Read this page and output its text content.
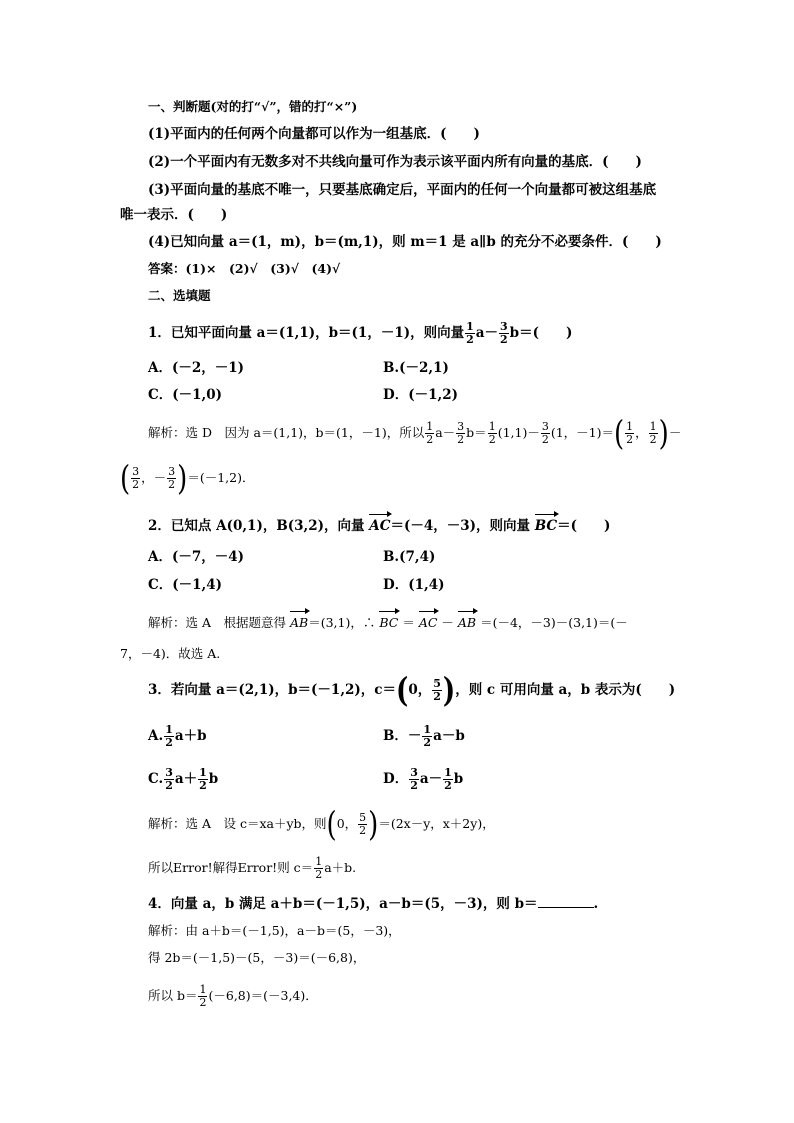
一、判断题(对的打“√”，错的打“×”)
(1)平面内的任何两个向量都可以作为一组基底．(　　)
(2)一个平面内有无数多对不共线向量可作为表示该平面内所有向量的基底．(　　)
(3)平面向量的基底不唯一，只要基底确定后，平面内的任何一个向量都可被这组基底
唯一表示．(　　)
(4)已知向量 a＝(1，m)，b＝(m,1)，则 m＝1 是 a∥b 的充分不必要条件．(　　)
答案：(1)×　(2)√　(3)√　(4)√
二、选填题
1．已知平面向量 a＝(1,1)，b＝(1，－1)，则向量 $\frac{1}{2} a- \frac{3}{2} b=$(　　)
A．(－2，－1)	B.(－2,1)
C．(－1,0)	D．(－1,2)
解析：选 D　因为 a＝(1,1)，b＝(1，－1)，所以 $\frac{1}{2} a- \frac{3}{2} b= \frac{1}{2} (1,1)- \frac{3}{2} (1$，$-1)=( \frac{1}{2}$ ， $\frac{1}{2}$ )－
( $\frac{3}{2}$ ，－ $\frac{3}{2} )=(-1,2)$．
2．已知点 A(0,1)，B(3,2)，向量 AC＝(－4，－3)，则向量 BC＝(　　)
A．(－7，－4)	B.(7,4)
C．(－1,4)	D．(1,4)
解析：选 A　根据题意得 AB＝(3,1)，∴ BC ＝ AC － AB ＝(－4，－3)－(3,1)＝(－
7，－4)．故选 A.
3．若向量 a＝(2,1)，b＝(－1,2)，c＝(0， $\frac{5}{2}$ )，则 c 可用向量 a，b 表示为(　　)
A. $\frac{1}{2} a+b$	B．－ $\frac{1}{2} a-b$
C. $\frac{3}{2} a+ \frac{1}{2}$ b	D． $\frac{3}{2} a- \frac{1}{2}$ b
解析：选 A　设 c＝xa＋yb，则(0， $\frac{5}{2} )=(2x-y$，x＋2y)，
所以Error!解得Error!则 $c= \frac{1}{2} a+b$.
4．向量 a，b 满足 a＋b＝(－1,5)，a－b＝(5，－3)，则 b＝	.
解析：由 a＋b＝(－1,5)，a－b＝(5，－3)，
得 2b＝(－1,5)－(5，－3)＝(－6,8)，
所以 $b= \frac{1}{2} (-6,8)=(-3,4)$．
